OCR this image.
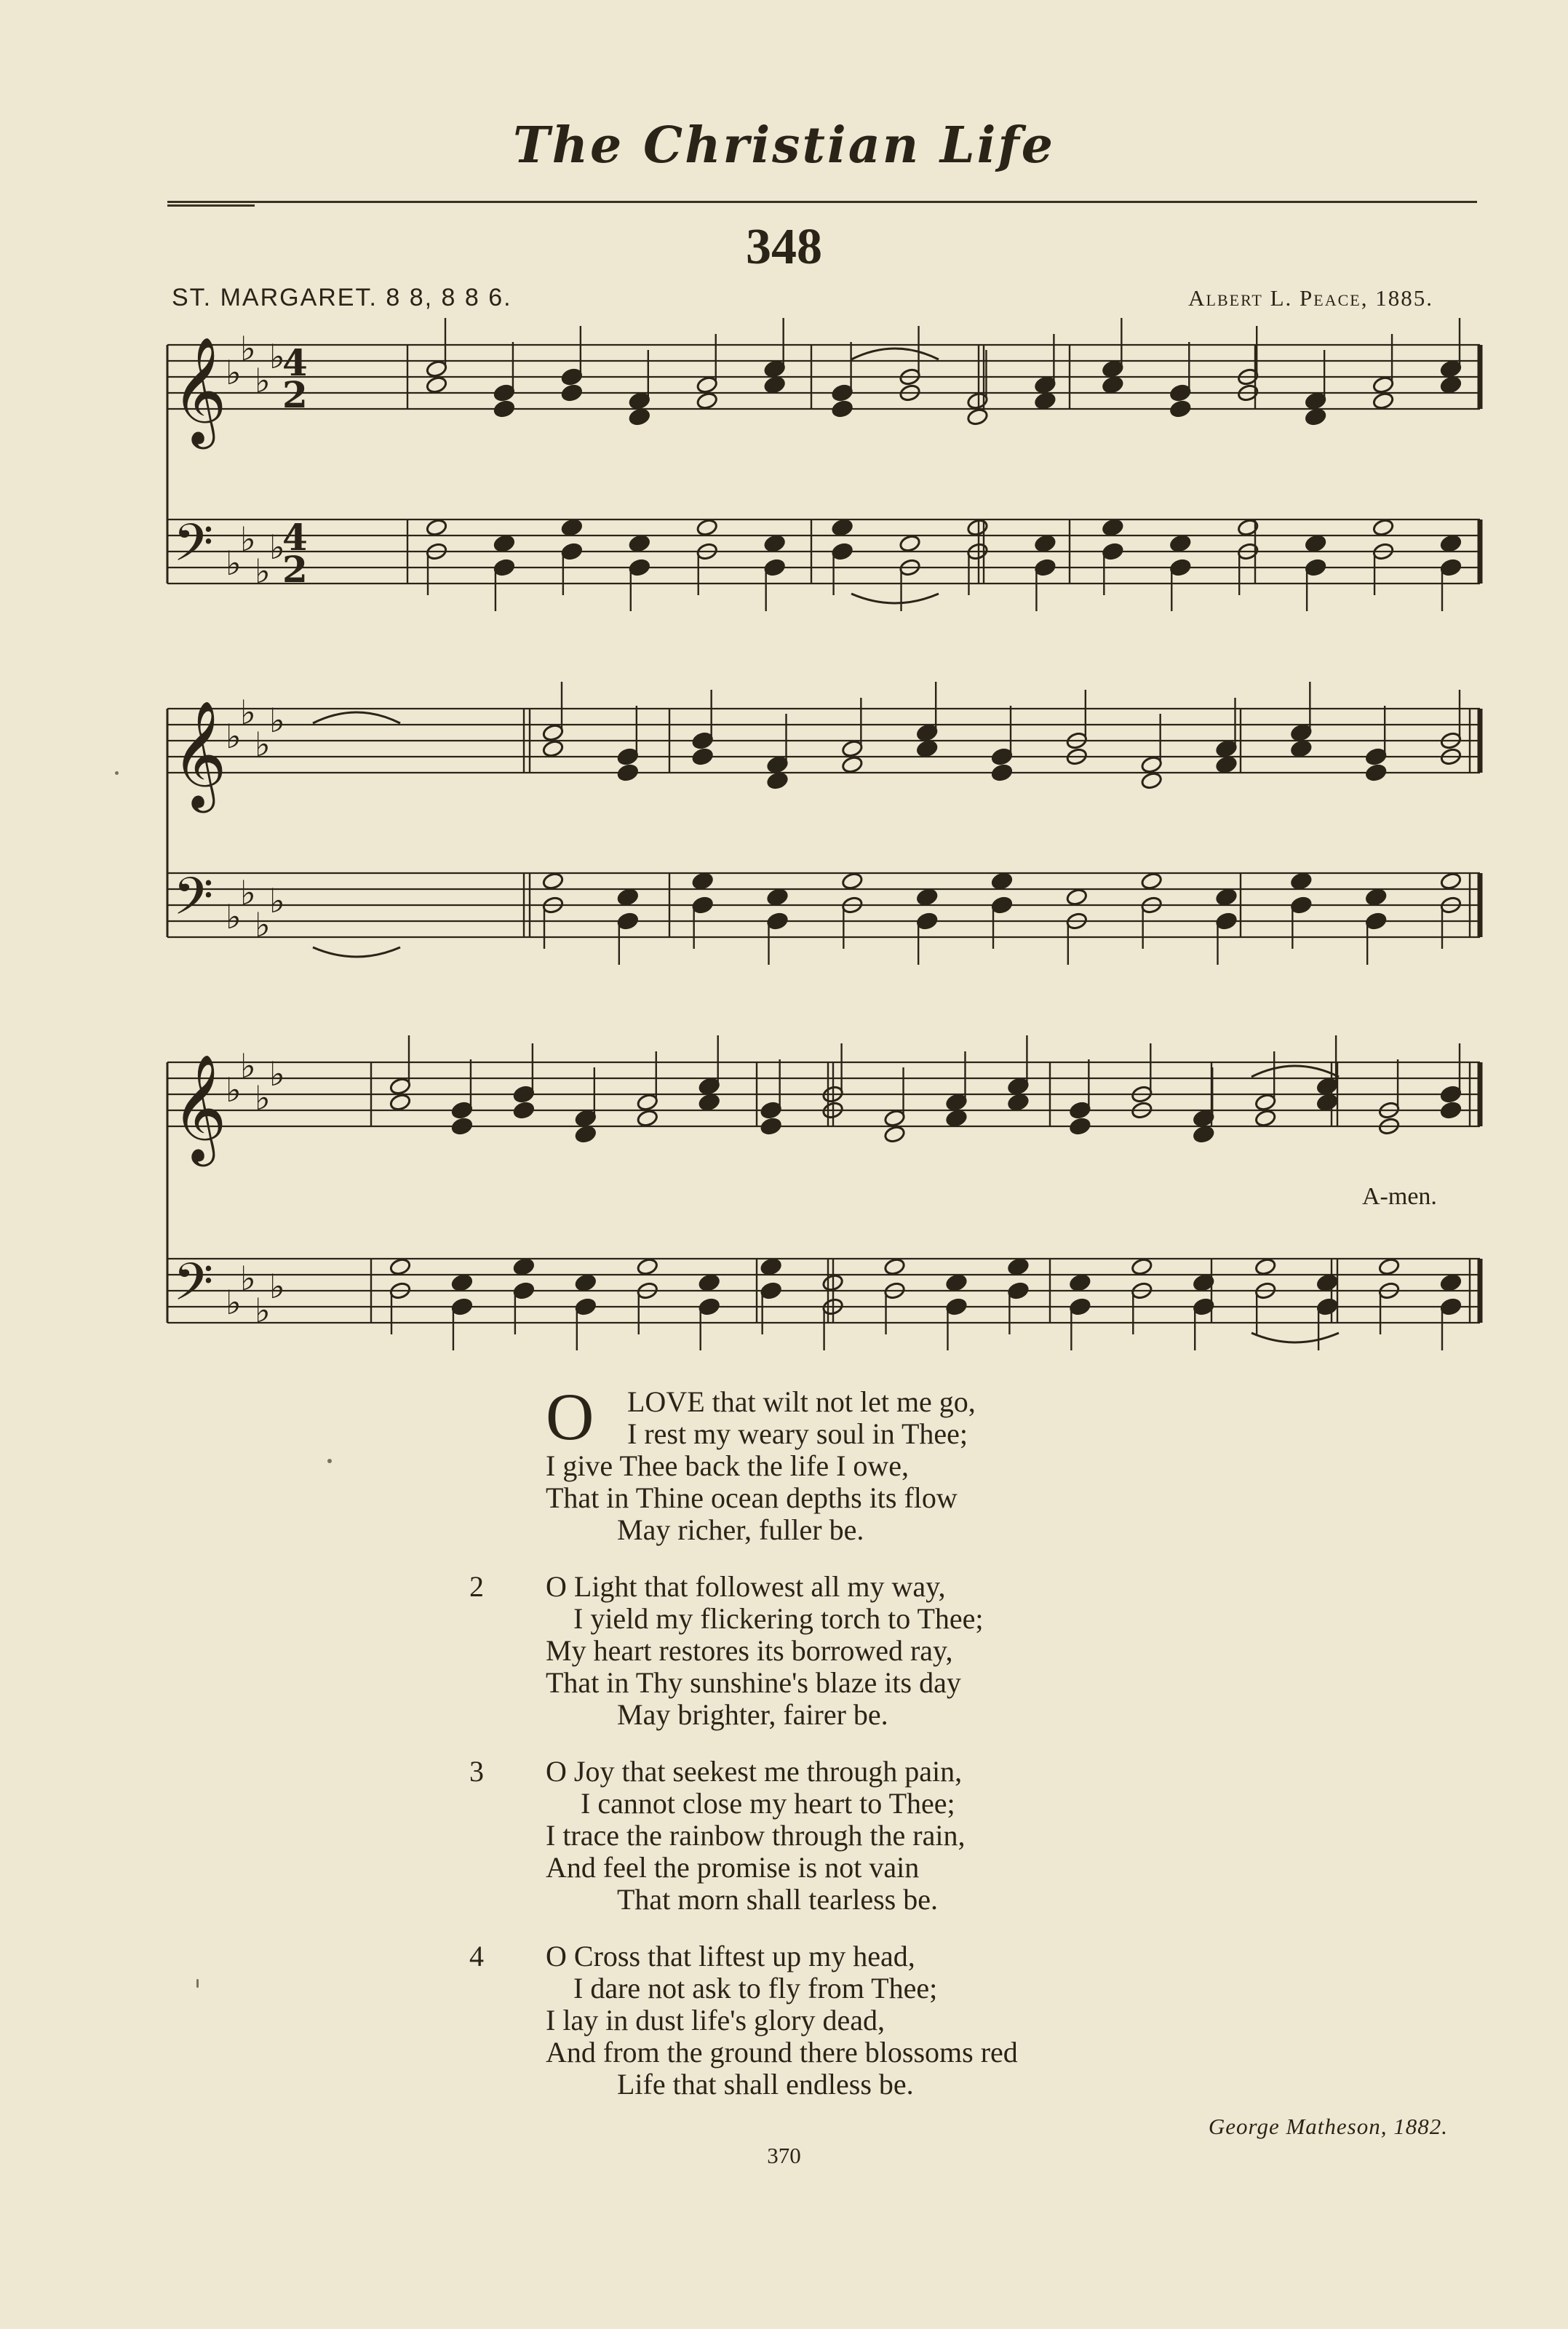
The Christian Life
348
ST. MARGARET. 8 8, 8 8 6.	Albert L. Peace, 1885.
𝄞
𝄢
♭
♭
♭
♭
♭
♭
♭
♭
4
4
2
2
𝄞
𝄢
♭
♭
♭
♭
♭
♭
♭
♭
𝄞
𝄢
♭
♭
♭
♭
♭
♭
♭
♭
A-men.
O	LOVE that wilt not let me go,
I rest my weary soul in Thee;
I give Thee back the life I owe,
That in Thine ocean depths its flow
May richer, fuller be.
2	O Light that followest all my way,
I yield my flickering torch to Thee;
My heart restores its borrowed ray,
That in Thy sunshine's blaze its day
May brighter, fairer be.
3	O Joy that seekest me through pain,
I cannot close my heart to Thee;
I trace the rainbow through the rain,
And feel the promise is not vain
That morn shall tearless be.
4	O Cross that liftest up my head,
I dare not ask to fly from Thee;
I lay in dust life's glory dead,
And from the ground there blossoms red
Life that shall endless be.
George Matheson, 1882.
370
